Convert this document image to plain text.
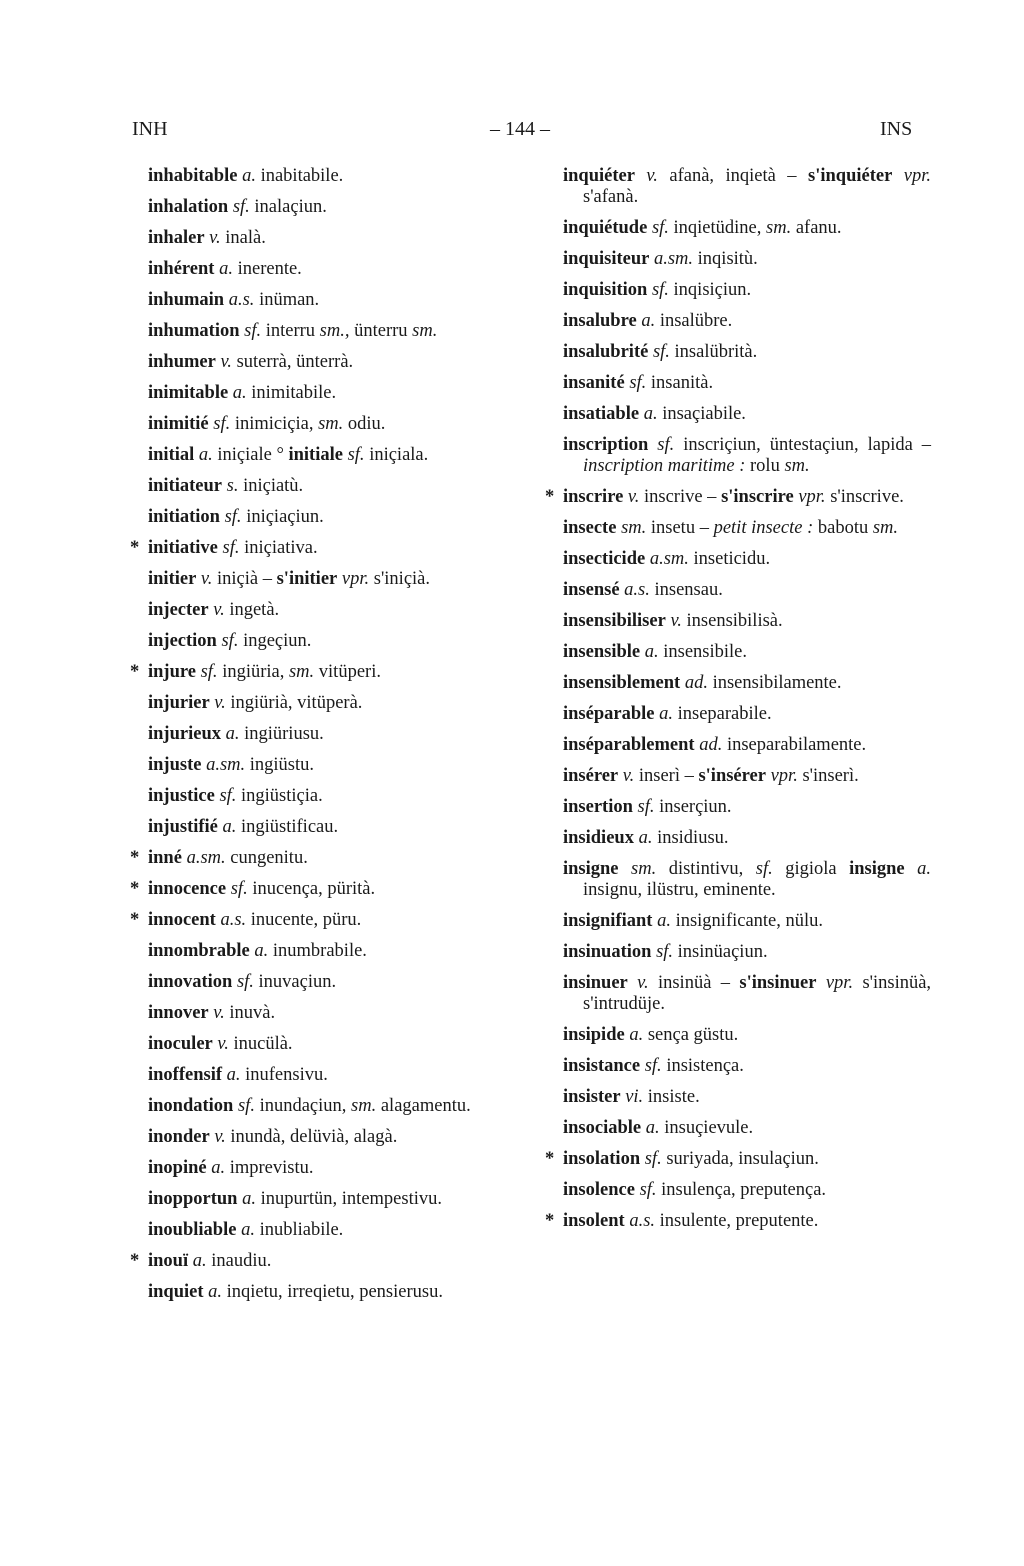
INH	– 144 –	INS
inhabitable a. inabitabile.
inhalation sf. inalaçiun.
inhaler v. inalà.
inhérent a. inerente.
inhumain a.s. inüman.
inhumation sf. interru sm., ünterru sm.
inhumer v. suterrà, ünterrà.
inimitable a. inimitabile.
inimitié sf. inimiciçia, sm. odiu.
initial a. iniçiale ° initiale sf. iniçiala.
initiateur s. iniçiatù.
initiation sf. iniçiaçiun.
* initiative sf. iniçiativa.
initier v. iniçià – s'initier vpr. s'iniçià.
injecter v. ingetà.
injection sf. ingeçiun.
* injure sf. ingiüria, sm. vitüperi.
injurier v. ingiürià, vitüperà.
injurieux a. ingiüriusu.
injuste a.sm. ingiüstu.
injustice sf. ingiüstiçia.
injustifié a. ingiüstificau.
* inné a.sm. cungenitu.
* innocence sf. inucença, pürità.
* innocent a.s. inucente, püru.
innombrable a. inumbrabile.
innovation sf. inuvaçiun.
innover v. inuvà.
inoculer v. inucülà.
inoffensif a. inufensivu.
inondation sf. inundaçiun, sm. alagamentu.
inonder v. inundà, delüvià, alagà.
inopiné a. imprevistu.
inopportun a. inupurtün, intempestivu.
inoubliable a. inubliabile.
* inouï a. inaudiu.
inquiet a. inqietu, irreqietu, pensierusu.
inquiéter v. afanà, inqietà – s'inquiéter vpr. s'afanà.
inquiétude sf. inqietüdine, sm. afanu.
inquisiteur a.sm. inqisitù.
inquisition sf. inqisiçiun.
insalubre a. insalübre.
insalubrité sf. insalübrità.
insanité sf. insanità.
insatiable a. insaçiabile.
inscription sf. inscriçiun, üntestaçiun, lapida – inscription maritime : rolu sm.
* inscrire v. inscrive – s'inscrire vpr. s'inscrive.
insecte sm. insetu – petit insecte : babotu sm.
insecticide a.sm. inseticidu.
insensé a.s. insensau.
insensibiliser v. insensibilisà.
insensible a. insensibile.
insensiblement ad. insensibilamente.
inséparable a. inseparabile.
inséparablement ad. inseparabilamente.
insérer v. inserì – s'insérer vpr. s'inserì.
insertion sf. inserçiun.
insidieux a. insidiusu.
insigne sm. distintivu, sf. gigiola insigne a. insignu, ilüstru, eminente.
insignifiant a. insignificante, nülu.
insinuation sf. insinüaçiun.
insinuer v. insinüà – s'insinuer vpr. s'insinüà, s'intrudüje.
insipide a. sença güstu.
insistance sf. insistença.
insister vi. insiste.
insociable a. insuçievule.
* insolation sf. suriyada, insulaçiun.
insolence sf. insulença, preputença.
* insolent a.s. insulente, preputente.
